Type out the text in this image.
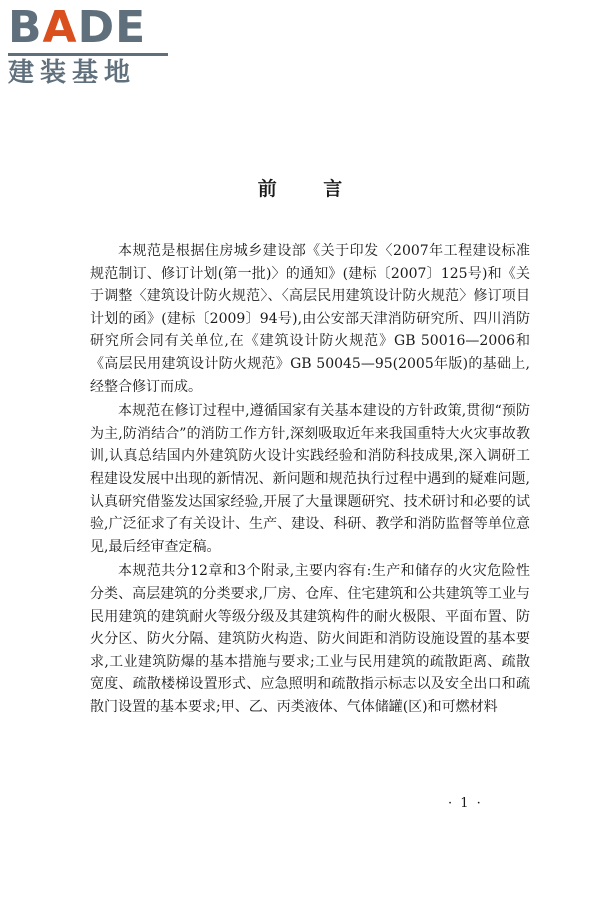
BADE
建装基地
前 言

本规范是根据住房城乡建设部《关于印发〈2007年工程建设标准规范制订、修订计划(第一批)〉的通知》(建标〔2007〕125号)和《关于调整〈建筑设计防火规范〉、〈高层民用建筑设计防火规范〉修订项目计划的函》(建标〔2009〕94号),由公安部天津消防研究所、四川消防研究所会同有关单位,在《建筑设计防火规范》GB 50016—2006和《高层民用建筑设计防火规范》GB 50045—95(2005年版)的基础上,经整合修订而成。

本规范在修订过程中,遵循国家有关基本建设的方针政策,贯彻“预防为主,防消结合”的消防工作方针,深刻吸取近年来我国重特大火灾事故教训,认真总结国内外建筑防火设计实践经验和消防科技成果,深入调研工程建设发展中出现的新情况、新问题和规范执行过程中遇到的疑难问题,认真研究借鉴发达国家经验,开展了大量课题研究、技术研讨和必要的试验,广泛征求了有关设计、生产、建设、科研、教学和消防监督等单位意见,最后经审查定稿。

本规范共分12章和3个附录,主要内容有:生产和储存的火灾危险性分类、高层建筑的分类要求,厂房、仓库、住宅建筑和公共建筑等工业与民用建筑的建筑耐火等级分级及其建筑构件的耐火极限、平面布置、防火分区、防火分隔、建筑防火构造、防火间距和消防设施设置的基本要求,工业建筑防爆的基本措施与要求;工业与民用建筑的疏散距离、疏散宽度、疏散楼梯设置形式、应急照明和疏散指示标志以及安全出口和疏散门设置的基本要求;甲、乙、丙类液体、气体储罐(区)和可燃材料

· 1 ·
